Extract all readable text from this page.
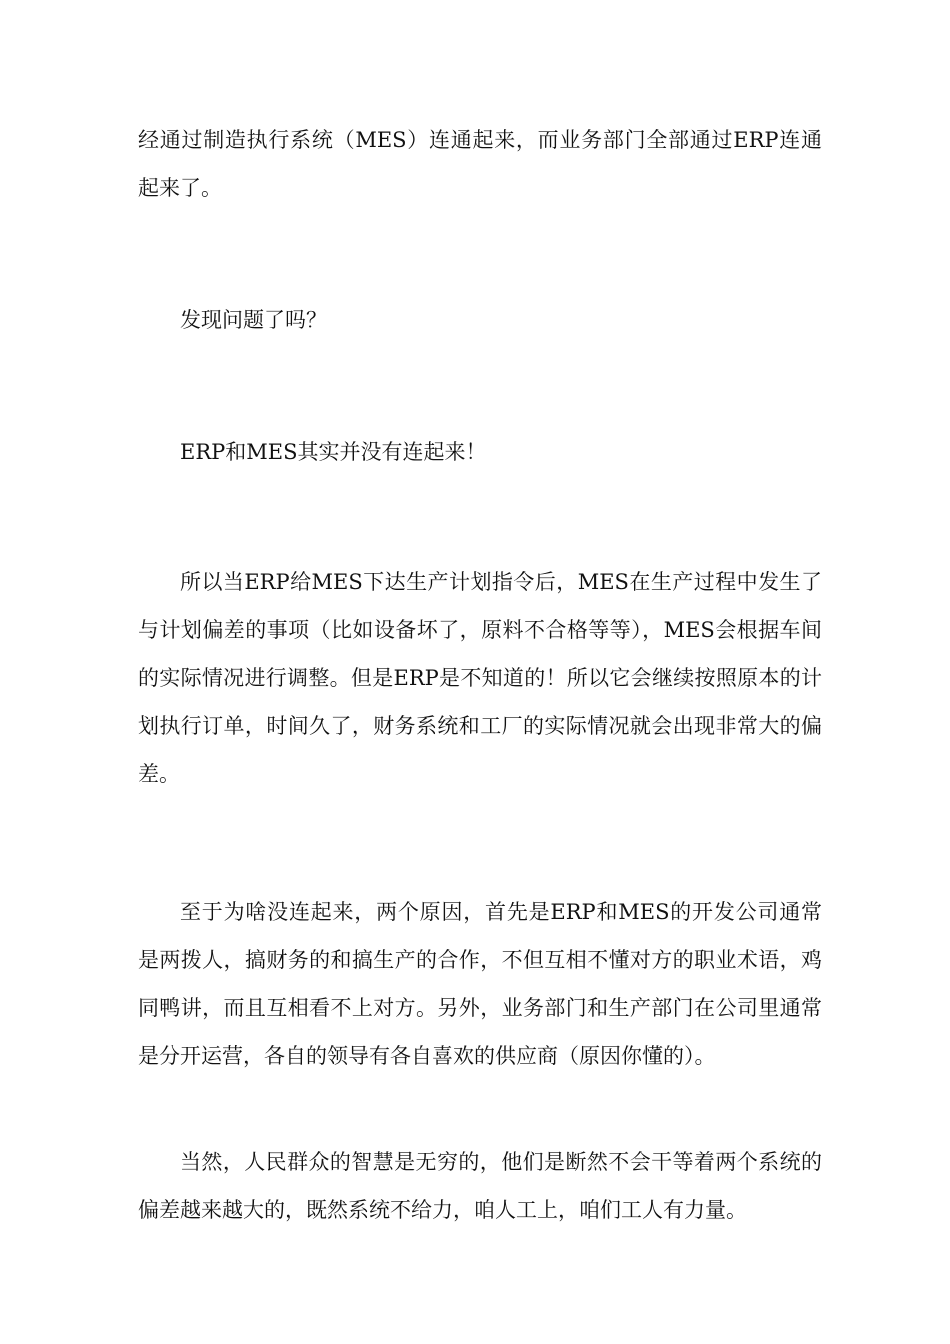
经通过制造执行系统（MES）连通起来，而业务部门全部通过ERP连通起来了。

发现问题了吗？

ERP和MES其实并没有连起来！

所以当ERP给MES下达生产计划指令后，MES在生产过程中发生了与计划偏差的事项（比如设备坏了，原料不合格等等），MES会根据车间的实际情况进行调整。但是ERP是不知道的！所以它会继续按照原本的计划执行订单，时间久了，财务系统和工厂的实际情况就会出现非常大的偏差。

至于为啥没连起来，两个原因，首先是ERP和MES的开发公司通常是两拨人，搞财务的和搞生产的合作，不但互相不懂对方的职业术语，鸡同鸭讲，而且互相看不上对方。另外，业务部门和生产部门在公司里通常是分开运营，各自的领导有各自喜欢的供应商（原因你懂的）。

当然，人民群众的智慧是无穷的，他们是断然不会干等着两个系统的偏差越来越大的，既然系统不给力，咱人工上，咱们工人有力量。
